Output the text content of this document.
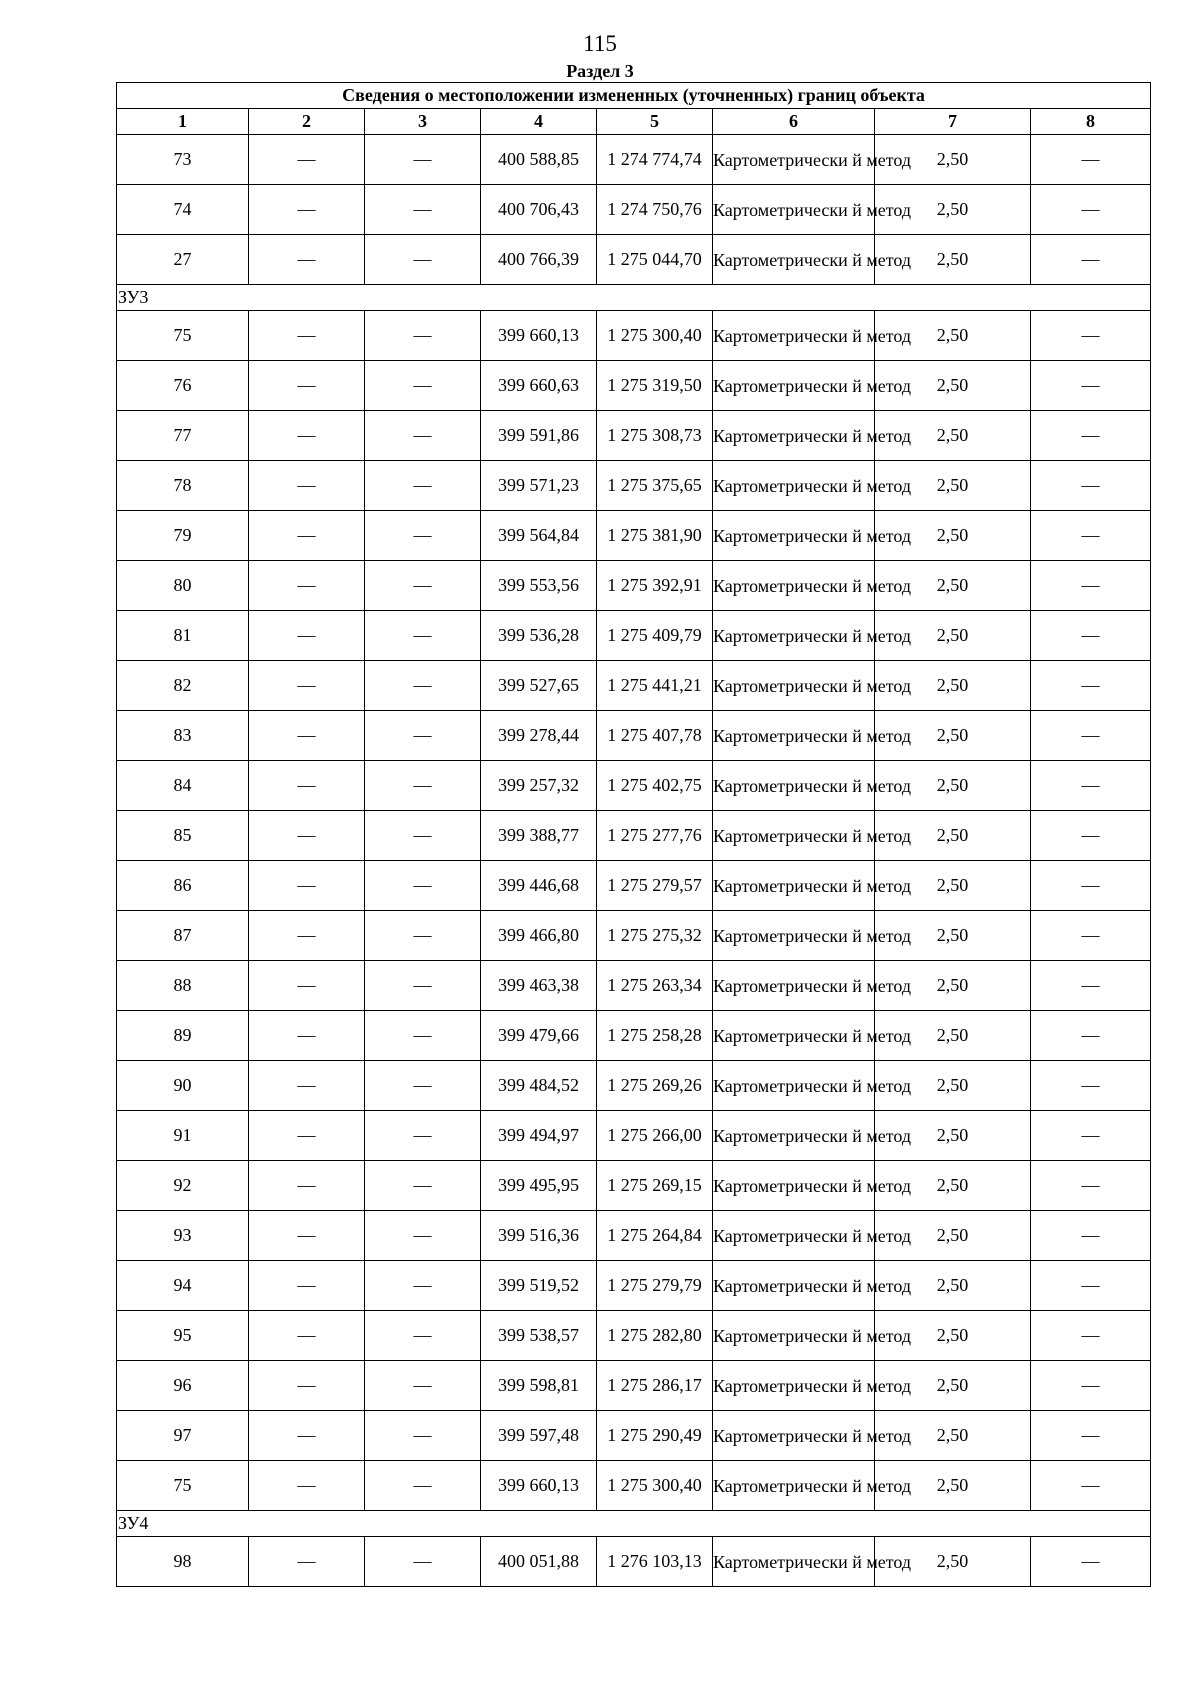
115
Раздел 3
Сведения о местоположении измененных (уточненных) границ объекта							
1	2	3	4	5	6	7	8
73	—	—	400 588,85	1 274 774,74	Картометрически й метод	2,50	—
74	—	—	400 706,43	1 274 750,76	Картометрически й метод	2,50	—
27	—	—	400 766,39	1 275 044,70	Картометрически й метод	2,50	—
ЗУ3							
75	—	—	399 660,13	1 275 300,40	Картометрически й метод	2,50	—
76	—	—	399 660,63	1 275 319,50	Картометрически й метод	2,50	—
77	—	—	399 591,86	1 275 308,73	Картометрически й метод	2,50	—
78	—	—	399 571,23	1 275 375,65	Картометрически й метод	2,50	—
79	—	—	399 564,84	1 275 381,90	Картометрически й метод	2,50	—
80	—	—	399 553,56	1 275 392,91	Картометрически й метод	2,50	—
81	—	—	399 536,28	1 275 409,79	Картометрически й метод	2,50	—
82	—	—	399 527,65	1 275 441,21	Картометрически й метод	2,50	—
83	—	—	399 278,44	1 275 407,78	Картометрически й метод	2,50	—
84	—	—	399 257,32	1 275 402,75	Картометрически й метод	2,50	—
85	—	—	399 388,77	1 275 277,76	Картометрически й метод	2,50	—
86	—	—	399 446,68	1 275 279,57	Картометрически й метод	2,50	—
87	—	—	399 466,80	1 275 275,32	Картометрически й метод	2,50	—
88	—	—	399 463,38	1 275 263,34	Картометрически й метод	2,50	—
89	—	—	399 479,66	1 275 258,28	Картометрически й метод	2,50	—
90	—	—	399 484,52	1 275 269,26	Картометрически й метод	2,50	—
91	—	—	399 494,97	1 275 266,00	Картометрически й метод	2,50	—
92	—	—	399 495,95	1 275 269,15	Картометрически й метод	2,50	—
93	—	—	399 516,36	1 275 264,84	Картометрически й метод	2,50	—
94	—	—	399 519,52	1 275 279,79	Картометрически й метод	2,50	—
95	—	—	399 538,57	1 275 282,80	Картометрически й метод	2,50	—
96	—	—	399 598,81	1 275 286,17	Картометрически й метод	2,50	—
97	—	—	399 597,48	1 275 290,49	Картометрически й метод	2,50	—
75	—	—	399 660,13	1 275 300,40	Картометрически й метод	2,50	—
ЗУ4							
98	—	—	400 051,88	1 276 103,13	Картометрически й метод	2,50	—
